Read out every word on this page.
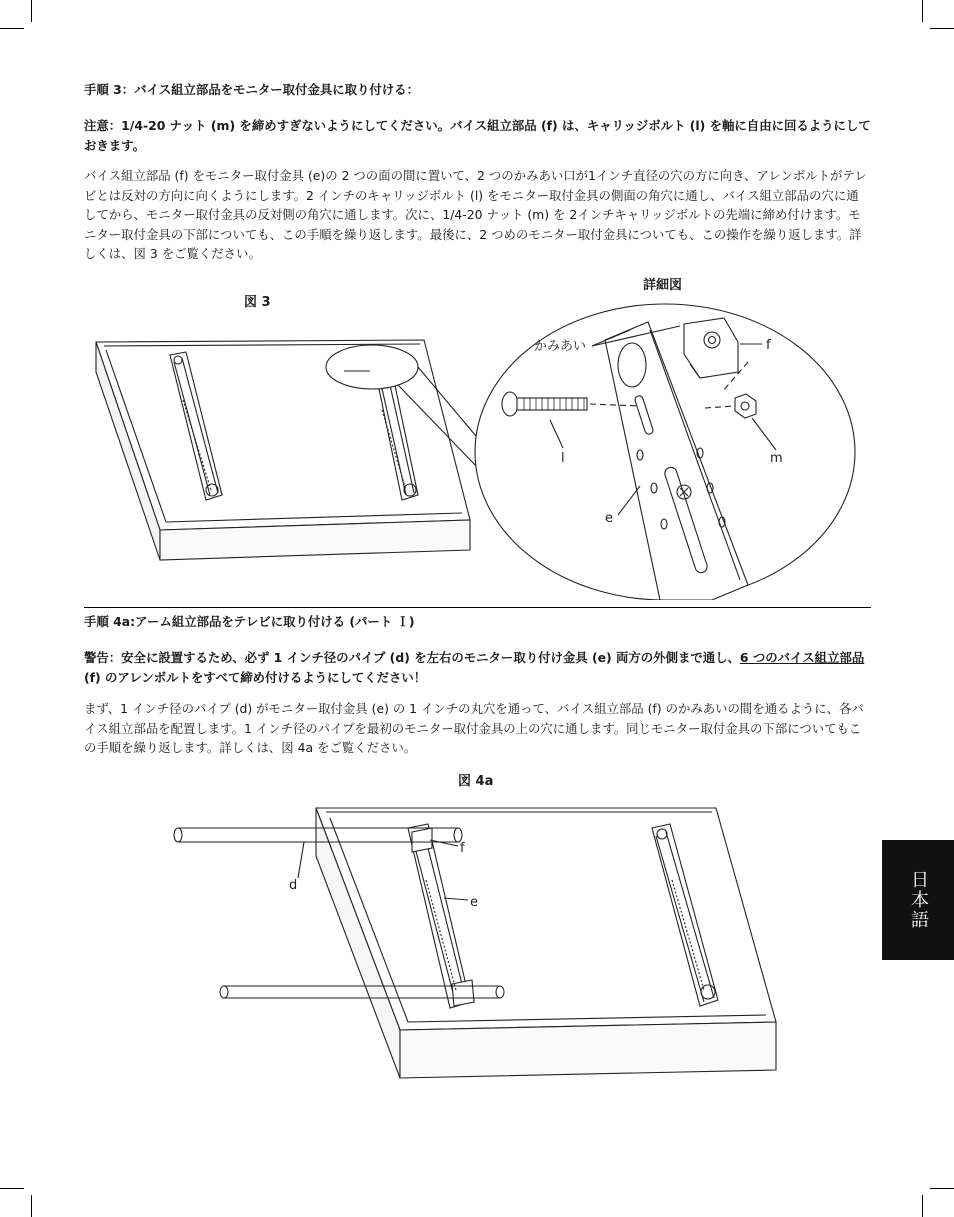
手順 3：バイス組立部品をモニター取付金具に取り付ける：
注意：1/4-20 ナット (m) を締めすぎないようにしてください。バイス組立部品 (f) は、キャリッジボルト (l) を軸に自由に回るようにしておきます。
バイス組立部品 (f) をモニター取付金具 (e)の 2 つの面の間に置いて、2 つのかみあい口が1インチ直径の穴の方に向き、アレンボルトがテレビとは反対の方向に向くようにします。2 インチのキャリッジボルト (l) をモニター取付金具の側面の角穴に通し、バイス組立部品の穴に通してから、モニター取付金具の反対側の角穴に通します。次に、1/4-20 ナット (m) を 2インチキャリッジボルトの先端に締め付けます。モニター取付金具の下部についても、この手順を繰り返します。最後に、2 つめのモニター取付金具についても、この操作を繰り返します。詳しくは、図 3 をご覧ください。
図 3
詳細図
かみあい	f
l	m
e
手順 4a:アーム組立部品をテレビに取り付ける (パート Ｉ)
警告：安全に設置するため、必ず 1 インチ径のパイプ (d) を左右のモニター取り付け金具 (e) 両方の外側まで通し、6 つのバイス組立部品 (f) のアレンボルトをすべて締め付けるようにしてください！
まず、1 インチ径のパイプ (d) がモニター取付金具 (e) の 1 インチの丸穴を通って、バイス組立部品 (f) のかみあいの間を通るように、各バイス組立部品を配置します。1 インチ径のパイプを最初のモニター取付金具の上の穴に通します。同じモニター取付金具の下部についてもこの手順を繰り返します。詳しくは、図 4a をご覧ください。
図 4a
f
e
d	日本語
